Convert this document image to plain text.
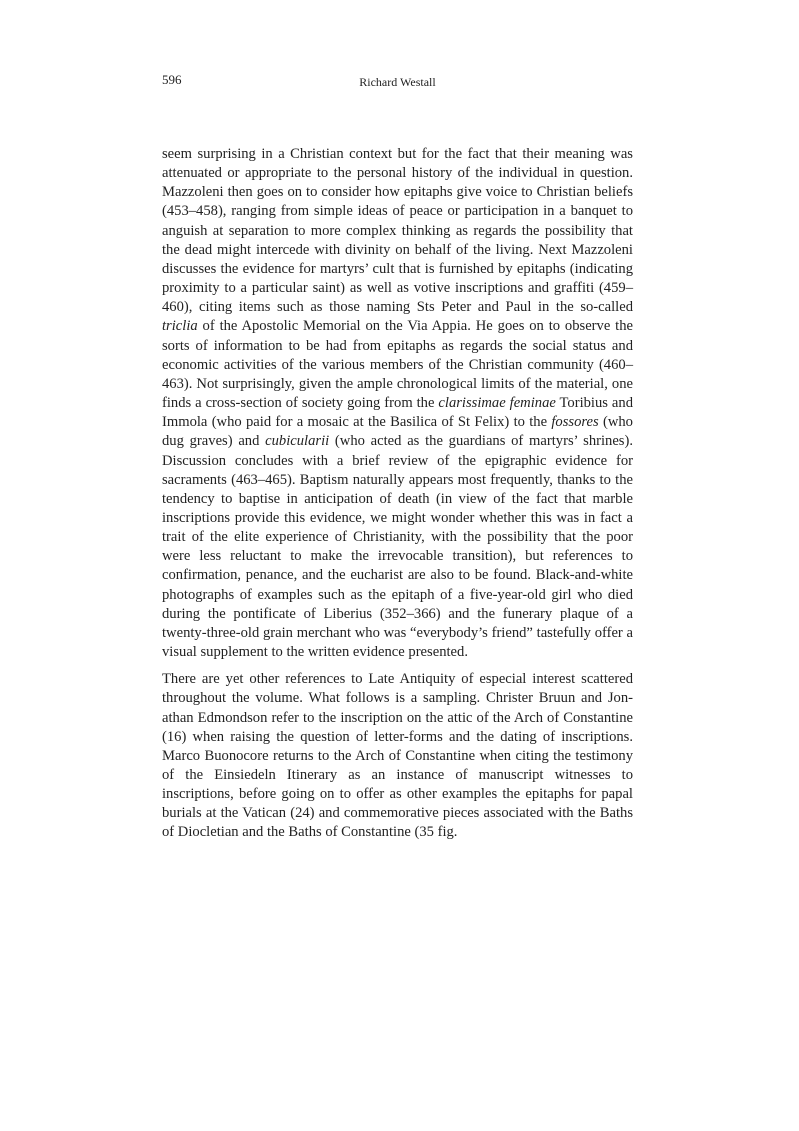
596	Richard Westall

seem surprising in a Christian context but for the fact that their meaning was attenuated or appropriate to the personal history of the individual in question. Mazzoleni then goes on to consider how epitaphs give voice to Christian beliefs (453–458), ranging from simple ideas of peace or participation in a banquet to anguish at separation to more complex thinking as regards the possibility that the dead might intercede with divinity on behalf of the living. Next Mazzoleni discusses the evidence for martyrs’ cult that is furnished by epitaphs (indicating proximity to a particular saint) as well as votive inscriptions and graffiti (459–460), citing items such as those naming Sts Peter and Paul in the so-called triclia of the Apostolic Memorial on the Via Appia. He goes on to observe the sorts of information to be had from epitaphs as regards the social status and economic activities of the various members of the Christian community (460–463). Not surprisingly, given the ample chronological limits of the material, one finds a cross-section of society going from the clarissimae feminae Toribius and Immola (who paid for a mosaic at the Basilica of St Felix) to the fossores (who dug graves) and cubicularii (who acted as the guardians of martyrs’ shrines). Discussion concludes with a brief review of the epigraphic evidence for sacraments (463–465). Baptism naturally appears most frequently, thanks to the tendency to baptise in anticipation of death (in view of the fact that marble inscriptions provide this evidence, we might wonder whether this was in fact a trait of the elite experience of Christianity, with the possibility that the poor were less reluctant to make the irrevocable transition), but references to confirmation, penance, and the eucharist are also to be found. Black-and-white photographs of examples such as the epitaph of a five-year-old girl who died during the pontificate of Liberius (352–366) and the funerary plaque of a twenty-three-old grain merchant who was “everybody’s friend” tastefully offer a visual supplement to the written evidence presented.

There are yet other references to Late Antiquity of especial interest scattered throughout the volume. What follows is a sampling. Christer Bruun and Jonathan Edmondson refer to the inscription on the attic of the Arch of Constantine (16) when raising the question of letter-forms and the dating of inscriptions. Marco Buonocore returns to the Arch of Constantine when citing the testimony of the Einsiedeln Itinerary as an instance of manuscript witnesses to inscriptions, before going on to offer as other examples the epitaphs for papal burials at the Vatican (24) and commemorative pieces associated with the Baths of Diocletian and the Baths of Constantine (35 fig.
